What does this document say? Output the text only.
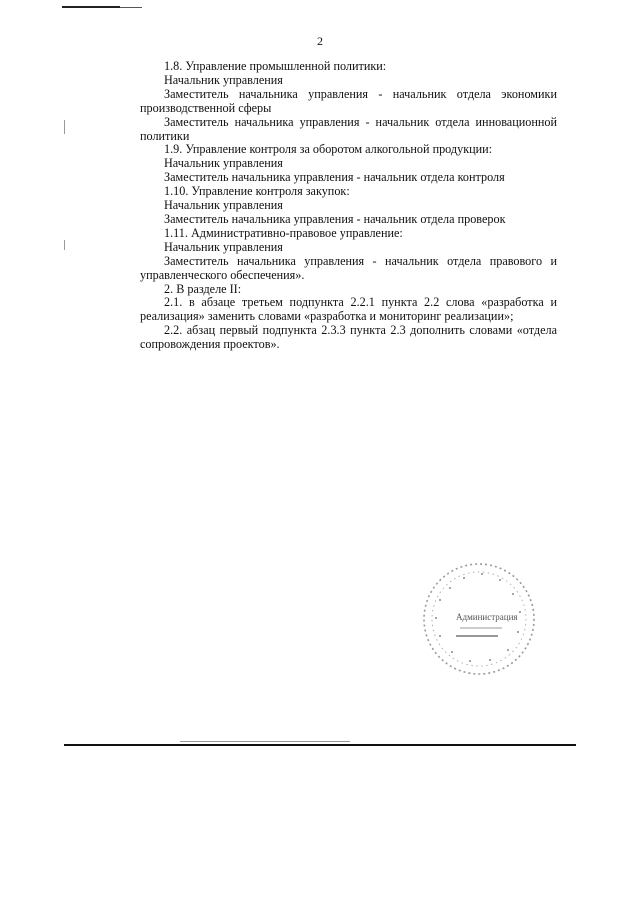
2

1.8. Управление промышленной политики:

Начальник управления

Заместитель начальника управления - начальник отдела экономики производственной сферы

Заместитель начальника управления - начальник отдела инновационной политики

1.9. Управление контроля за оборотом алкогольной продукции:

Начальник управления

Заместитель начальника управления - начальник отдела контроля

1.10. Управление контроля закупок:

Начальник управления

Заместитель начальника управления - начальник отдела проверок

1.11. Административно-правовое управление:

Начальник управления

Заместитель начальника управления - начальник отдела правового и управленческого обеспечения».

2. В разделе II:

2.1. в абзаце третьем подпункта 2.2.1 пункта 2.2 слова «разработка и реализация» заменить словами «разработка и мониторинг реализации»;

2.2. абзац первый подпункта 2.3.3 пункта 2.3 дополнить словами «отдела сопровождения проектов».

Администрация
